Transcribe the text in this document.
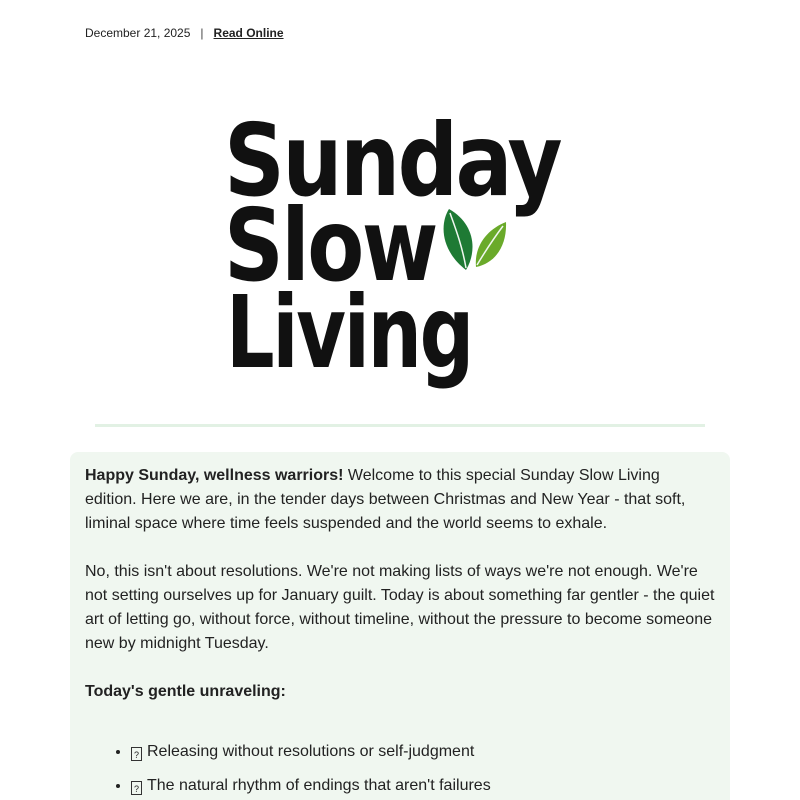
December 21, 2025 | Read Online
Sunday
Slow
Living

Happy Sunday, wellness warriors! Welcome to this special Sunday Slow Living edition. Here we are, in the tender days between Christmas and New Year - that soft, liminal space where time feels suspended and the world seems to exhale.

No, this isn't about resolutions. We're not making lists of ways we're not enough. We're not setting ourselves up for January guilt. Today is about something far gentler - the quiet art of letting go, without force, without timeline, without the pressure to become someone new by midnight Tuesday.

Today's gentle unraveling:
• ? Releasing without resolutions or self-judgment
• ? The natural rhythm of endings that aren't failures
